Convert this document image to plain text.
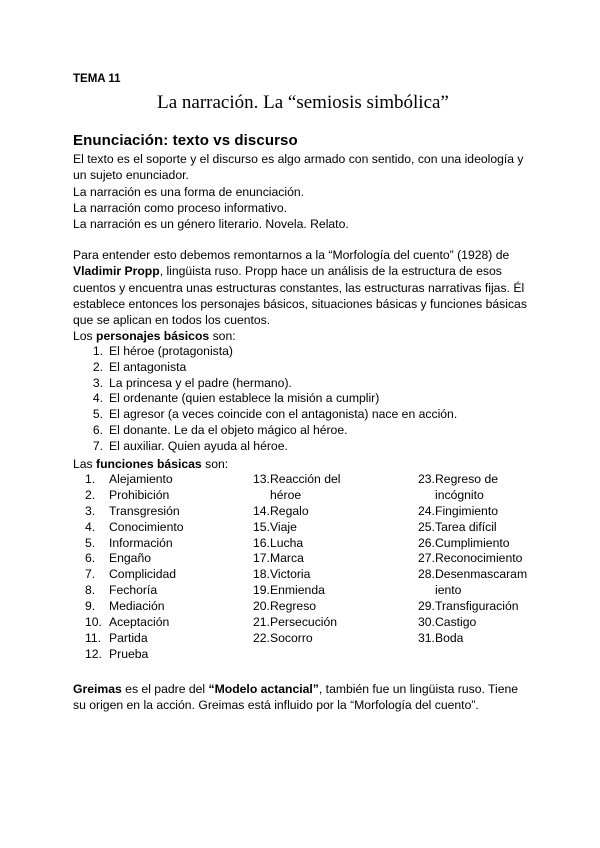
TEMA 11
La narración. La “semiosis simbólica”
Enunciación: texto vs discurso
El texto es el soporte y el discurso es algo armado con sentido, con una ideología y
un sujeto enunciador.
La narración es una forma de enunciación.
La narración como proceso informativo.
La narración es un género literario. Novela. Relato.
Para entender esto debemos remontarnos a la “Morfología del cuento” (1928) de
Vladimir Propp, lingüista ruso. Propp hace un análisis de la estructura de esos
cuentos y encuentra unas estructuras constantes, las estructuras narrativas fijas. Él
establece entonces los personajes básicos, situaciones básicas y funciones básicas
que se aplican en todos los cuentos.
Los personajes básicos son:
1. El héroe (protagonista)
2. El antagonista
3. La princesa y el padre (hermano).
4. El ordenante (quien establece la misión a cumplir)
5. El agresor (a veces coincide con el antagonista) nace en acción.
6. El donante. Le da el objeto mágico al héroe.
7. El auxiliar. Quien ayuda al héroe.
Las funciones básicas son:
1. Alejamiento
2. Prohibición
3. Transgresión
4. Conocimiento
5. Información
6. Engaño
7. Complicidad
8. Fechoría
9. Mediación
10. Aceptación
11. Partida
12. Prueba
13. Reacción del
héroe
14. Regalo
15. Viaje
16. Lucha
17. Marca
18. Victoria
19. Enmienda
20. Regreso
21. Persecución
22. Socorro
23. Regreso de
incógnito
24. Fingimiento
25. Tarea difícil
26. Cumplimiento
27. Reconocimiento
28. Desenmascaram
iento
29. Transfiguración
30. Castigo
31. Boda
Greimas es el padre del “Modelo actancial”, también fue un lingüista ruso. Tiene
su origen en la acción. Greimas está influido por la “Morfología del cuento”.
